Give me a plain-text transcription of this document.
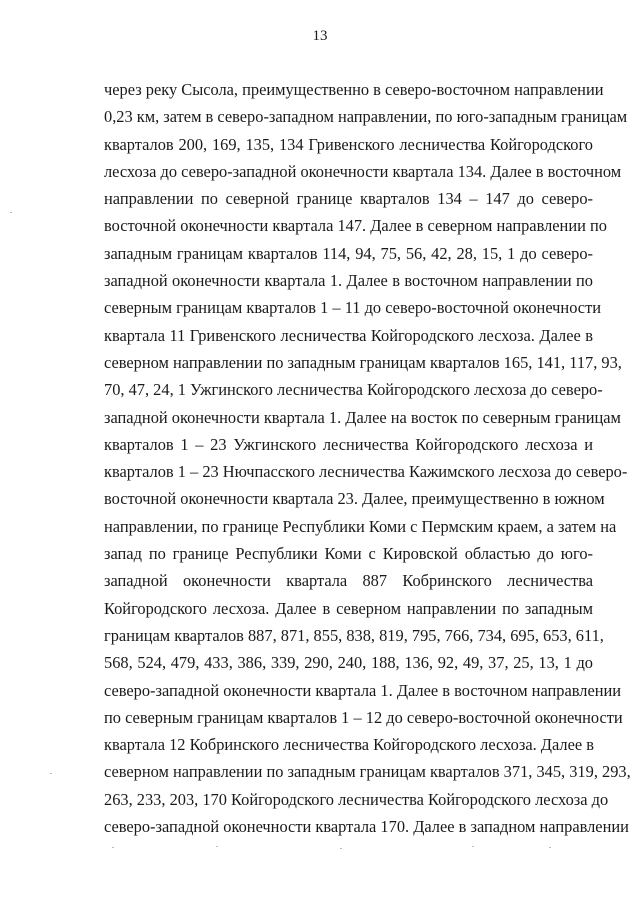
13
через реку Сысола, преимущественно в северо-восточном направлении
0,23 км, затем в северо-западном направлении, по юго-западным границам
кварталов 200, 169, 135, 134 Гривенского лесничества Койгородского
лесхоза до северо-западной оконечности квартала 134. Далее в восточном
направлении по северной границе кварталов 134 – 147 до северо-
восточной оконечности квартала 147. Далее в северном направлении по
западным границам кварталов 114, 94, 75, 56, 42, 28, 15, 1 до северо-
западной оконечности квартала 1. Далее в восточном направлении по
северным границам кварталов 1 – 11 до северо-восточной оконечности
квартала 11 Гривенского лесничества Койгородского лесхоза. Далее в
северном направлении по западным границам кварталов 165, 141, 117, 93,
70, 47, 24, 1 Ужгинского лесничества Койгородского лесхоза до северо-
западной оконечности квартала 1. Далее на восток по северным границам
кварталов 1 – 23 Ужгинского лесничества Койгородского лесхоза и
кварталов 1 – 23 Нючпасского лесничества Кажимского лесхоза до северо-
восточной оконечности квартала 23. Далее, преимущественно в южном
направлении, по границе Республики Коми с Пермским краем, а затем на
запад по границе Республики Коми с Кировской областью до юго-
западной оконечности квартала 887 Кобринского лесничества
Койгородского лесхоза. Далее в северном направлении по западным
границам кварталов 887, 871, 855, 838, 819, 795, 766, 734, 695, 653, 611,
568, 524, 479, 433, 386, 339, 290, 240, 188, 136, 92, 49, 37, 25, 13, 1 до
северо-западной оконечности квартала 1. Далее в восточном направлении
по северным границам кварталов 1 – 12 до северо-восточной оконечности
квартала 12 Кобринского лесничества Койгородского лесхоза. Далее в
северном направлении по западным границам кварталов 371, 345, 319, 293,
263, 233, 203, 170 Койгородского лесничества Койгородского лесхоза до
северо-западной оконечности квартала 170. Далее в западном направлении
